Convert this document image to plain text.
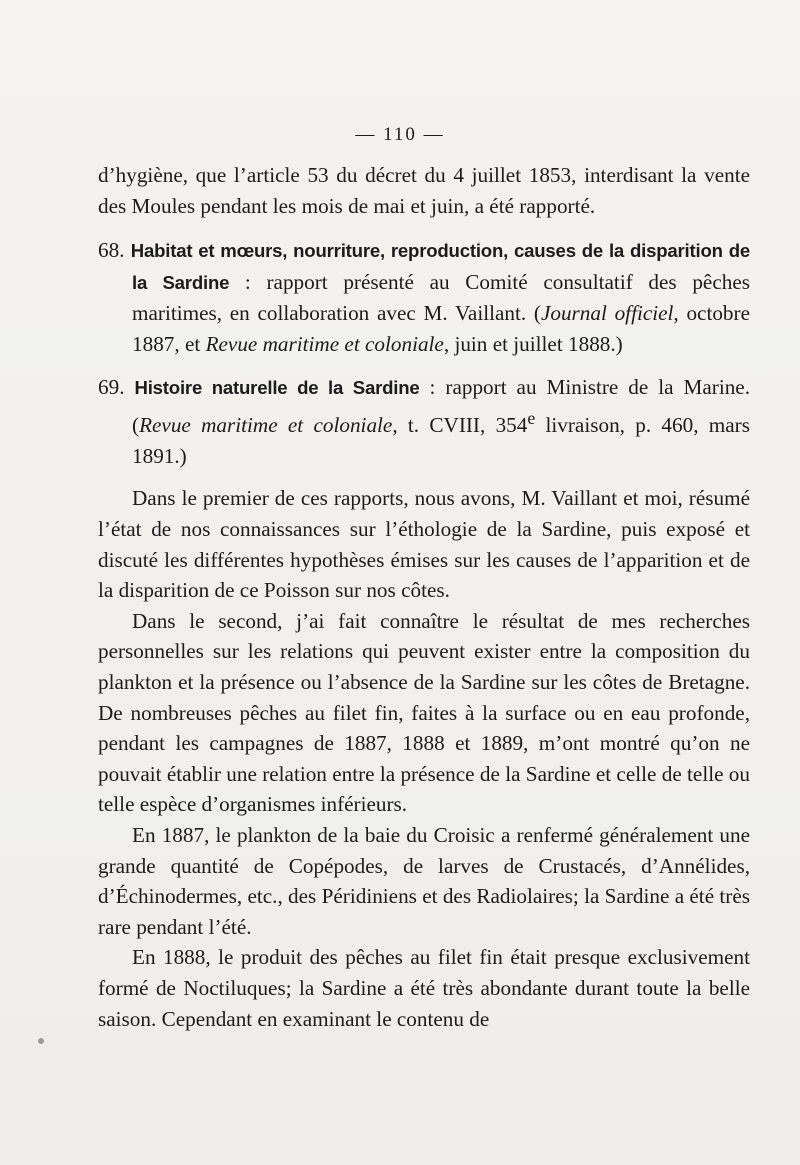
— 110 —

d’hygiène, que l’article 53 du décret du 4 juillet 1853, interdisant la vente des Moules pendant les mois de mai et juin, a été rapporté.

68. Habitat et mœurs, nourriture, reproduction, causes de la disparition de la Sardine : rapport présenté au Comité consultatif des pêches maritimes, en collaboration avec M. Vaillant. (Journal officiel, octobre 1887, et Revue maritime et coloniale, juin et juillet 1888.)

69. Histoire naturelle de la Sardine : rapport au Ministre de la Marine. (Revue maritime et coloniale, t. CVIII, 354e livraison, p. 460, mars 1891.)

Dans le premier de ces rapports, nous avons, M. Vaillant et moi, résumé l’état de nos connaissances sur l’éthologie de la Sardine, puis exposé et discuté les différentes hypothèses émises sur les causes de l’apparition et de la disparition de ce Poisson sur nos côtes.

Dans le second, j’ai fait connaître le résultat de mes recherches personnelles sur les relations qui peuvent exister entre la composition du plankton et la présence ou l’absence de la Sardine sur les côtes de Bretagne. De nombreuses pêches au filet fin, faites à la surface ou en eau profonde, pendant les campagnes de 1887, 1888 et 1889, m’ont montré qu’on ne pouvait établir une relation entre la présence de la Sardine et celle de telle ou telle espèce d’organismes inférieurs.

En 1887, le plankton de la baie du Croisic a renfermé généralement une grande quantité de Copépodes, de larves de Crustacés, d’Annélides, d’Échinodermes, etc., des Péridiniens et des Radiolaires; la Sardine a été très rare pendant l’été.

En 1888, le produit des pêches au filet fin était presque exclusivement formé de Noctiluques; la Sardine a été très abondante durant toute la belle saison. Cependant en examinant le contenu de
